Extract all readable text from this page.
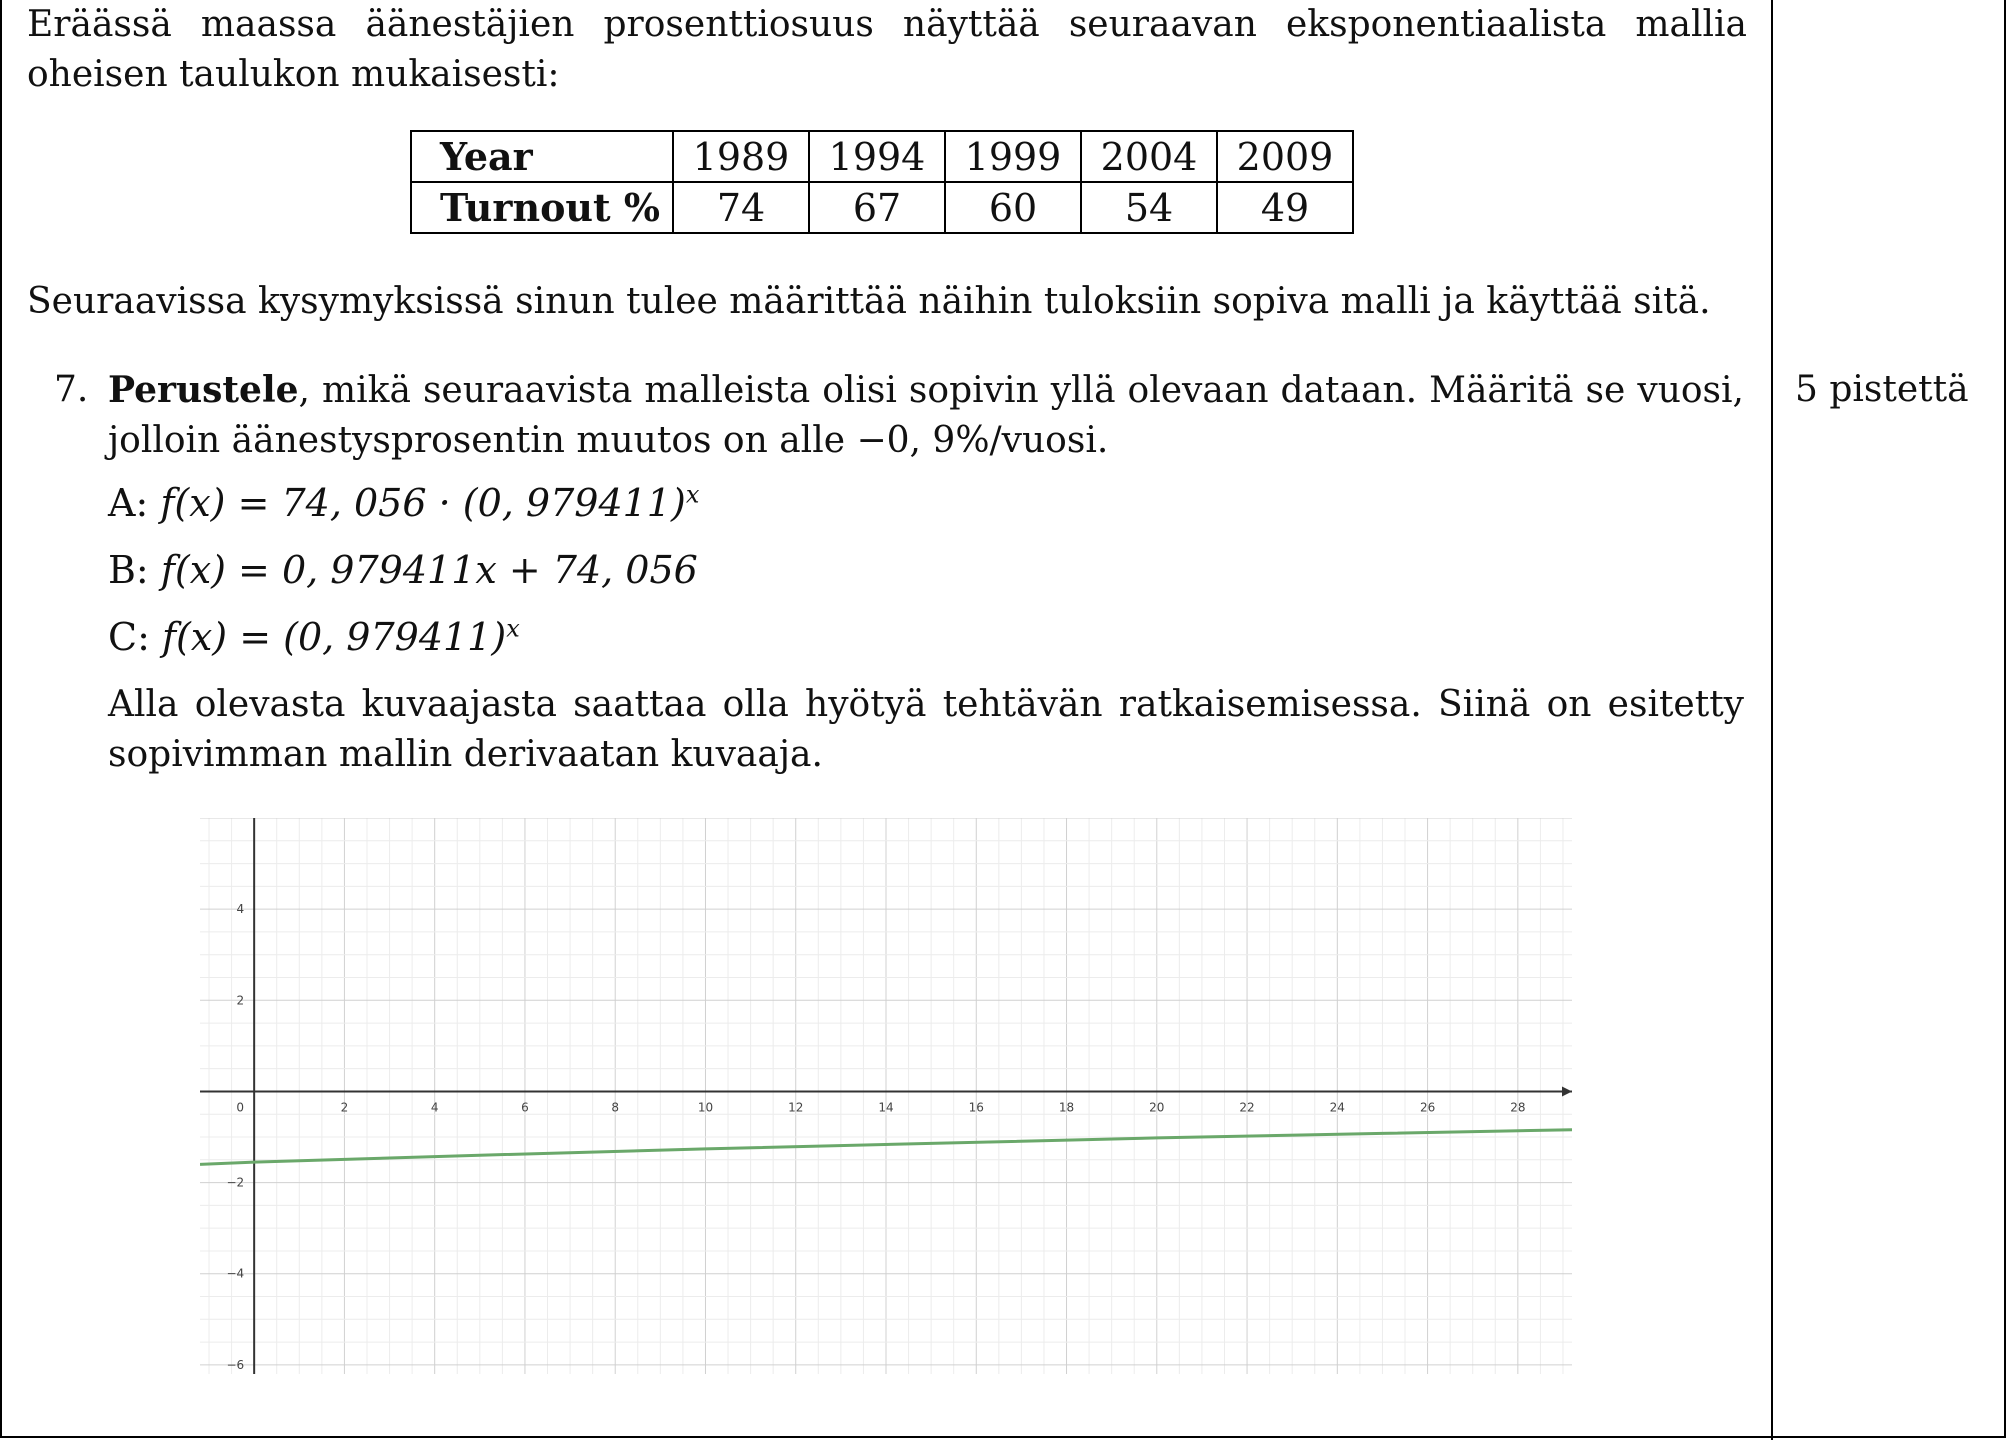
Eräässä maassa äänestäjien prosenttiosuus näyttää seuraavan eksponentiaalista mallia oheisen taulukon mukaisesti:
Year	1989	1994	1999	2004	2009
Turnout %	74	67	60	54	49
Seuraavissa kysymyksissä sinun tulee määrittää näihin tuloksiin sopiva malli ja käyttää sitä.
7. Perustele, mikä seuraavista malleista olisi sopivin yllä olevaan dataan. Määritä se vuosi, jolloin äänestysprosentin muutos on alle −0, 9%/vuosi.
A: f(x) = 74, 056 · (0, 979411)$^x$
B: f(x) = 0, 979411x + 74, 056
C: f(x) = (0, 979411)$^x$
Alla olevasta kuvaajasta saattaa olla hyötyä tehtävän ratkaisemisessa. Siinä on esitetty sopivimman mallin derivaatan kuvaaja.
5 pistettä
0	2	4	6	8	10	12	14	16	18	20	22	24	26	28
4
2
−2
−4
−6
